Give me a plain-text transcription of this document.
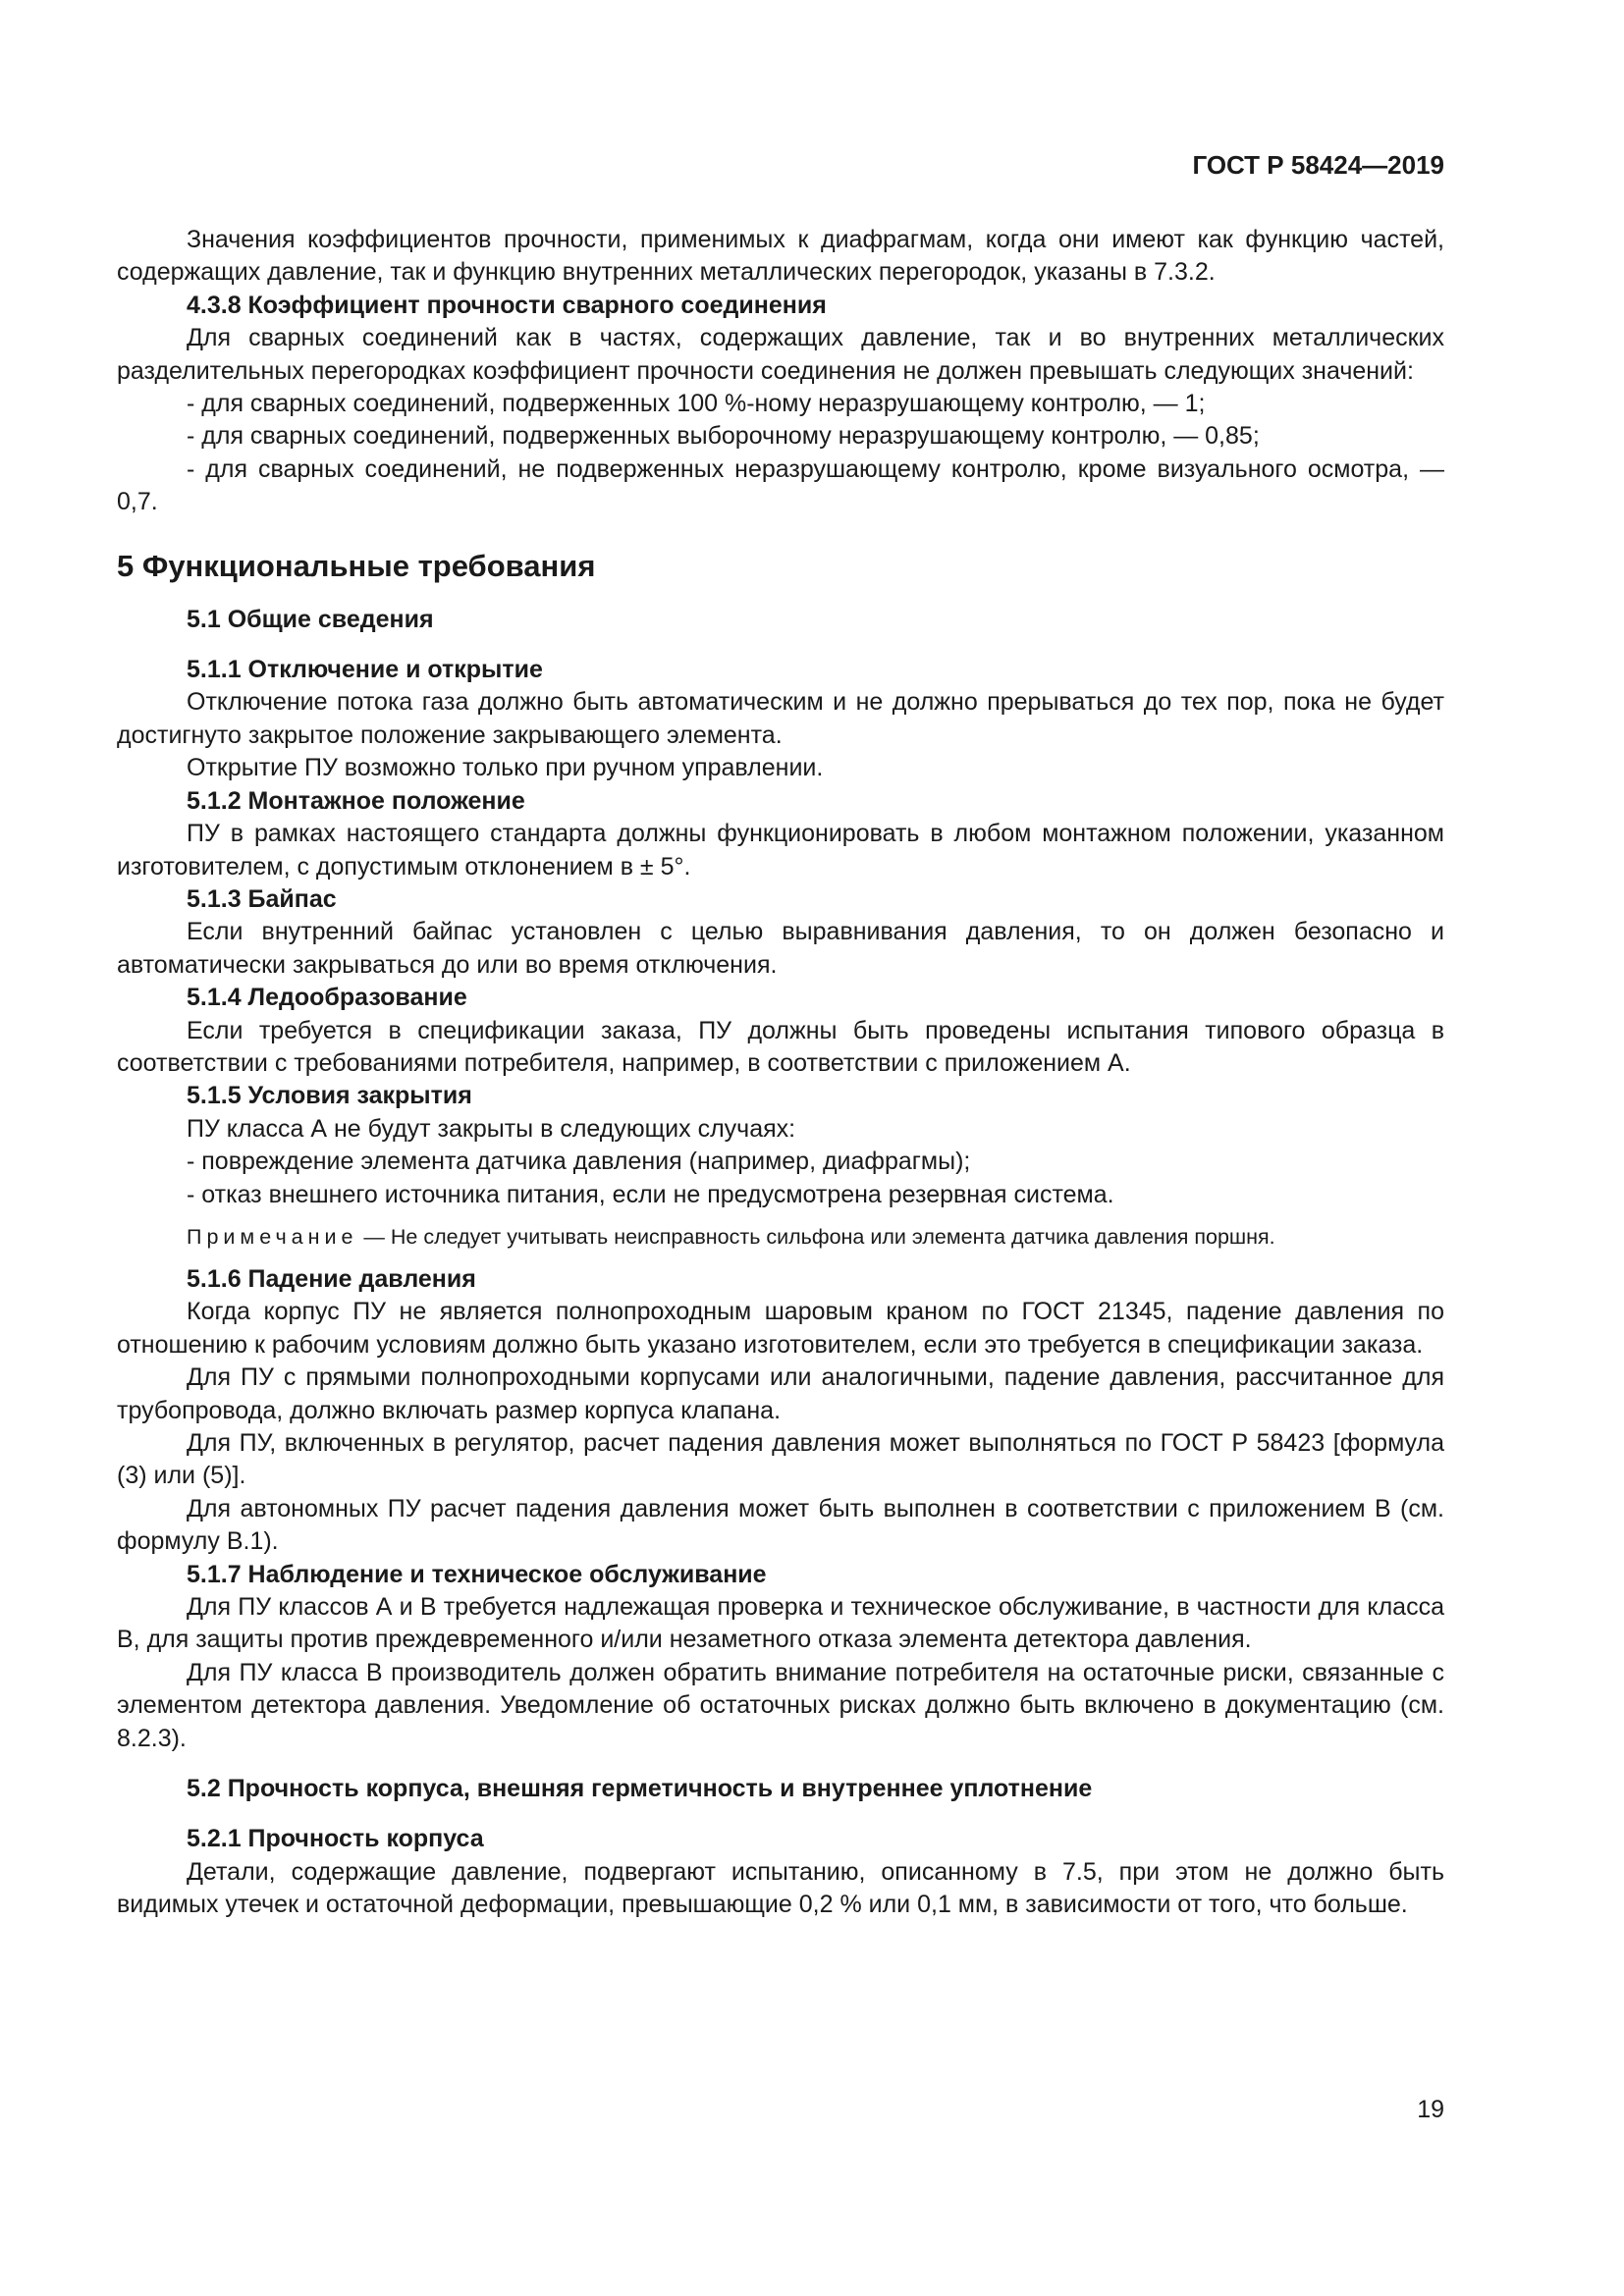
ГОСТ Р 58424—2019

Значения коэффициентов прочности, применимых к диафрагмам, когда они имеют как функцию частей, содержащих давление, так и функцию внутренних металлических перегородок, указаны в 7.3.2.

4.3.8 Коэффициент прочности сварного соединения

Для сварных соединений как в частях, содержащих давление, так и во внутренних металлических разделительных перегородках коэффициент прочности соединения не должен превышать следующих значений:

- для сварных соединений, подверженных 100 %-ному неразрушающему контролю, — 1;

- для сварных соединений, подверженных выборочному неразрушающему контролю, — 0,85;

- для сварных соединений, не подверженных неразрушающему контролю, кроме визуального осмотра, — 0,7.

5 Функциональные требования

5.1 Общие сведения

5.1.1 Отключение и открытие

Отключение потока газа должно быть автоматическим и не должно прерываться до тех пор, пока не будет достигнуто закрытое положение закрывающего элемента.

Открытие ПУ возможно только при ручном управлении.

5.1.2 Монтажное положение

ПУ в рамках настоящего стандарта должны функционировать в любом монтажном положении, указанном изготовителем, с допустимым отклонением в ± 5°.

5.1.3 Байпас

Если внутренний байпас установлен с целью выравнивания давления, то он должен безопасно и автоматически закрываться до или во время отключения.

5.1.4 Ледообразование

Если требуется в спецификации заказа, ПУ должны быть проведены испытания типового образца в соответствии с требованиями потребителя, например, в соответствии с приложением А.

5.1.5 Условия закрытия

ПУ класса А не будут закрыты в следующих случаях:

- повреждение элемента датчика давления (например, диафрагмы);

- отказ внешнего источника питания, если не предусмотрена резервная система.

Примечание — Не следует учитывать неисправность сильфона или элемента датчика давления поршня.

5.1.6 Падение давления

Когда корпус ПУ не является полнопроходным шаровым краном по ГОСТ 21345, падение давления по отношению к рабочим условиям должно быть указано изготовителем, если это требуется в спецификации заказа.

Для ПУ с прямыми полнопроходными корпусами или аналогичными, падение давления, рассчитанное для трубопровода, должно включать размер корпуса клапана.

Для ПУ, включенных в регулятор, расчет падения давления может выполняться по ГОСТ Р 58423 [формула (3) или (5)].

Для автономных ПУ расчет падения давления может быть выполнен в соответствии с приложением В (см. формулу В.1).

5.1.7 Наблюдение и техническое обслуживание

Для ПУ классов А и В требуется надлежащая проверка и техническое обслуживание, в частности для класса В, для защиты против преждевременного и/или незаметного отказа элемента детектора давления.

Для ПУ класса В производитель должен обратить внимание потребителя на остаточные риски, связанные с элементом детектора давления. Уведомление об остаточных рисках должно быть включено в документацию (см. 8.2.3).

5.2 Прочность корпуса, внешняя герметичность и внутреннее уплотнение

5.2.1 Прочность корпуса

Детали, содержащие давление, подвергают испытанию, описанному в 7.5, при этом не должно быть видимых утечек и остаточной деформации, превышающие 0,2 % или 0,1 мм, в зависимости от того, что больше.

19
